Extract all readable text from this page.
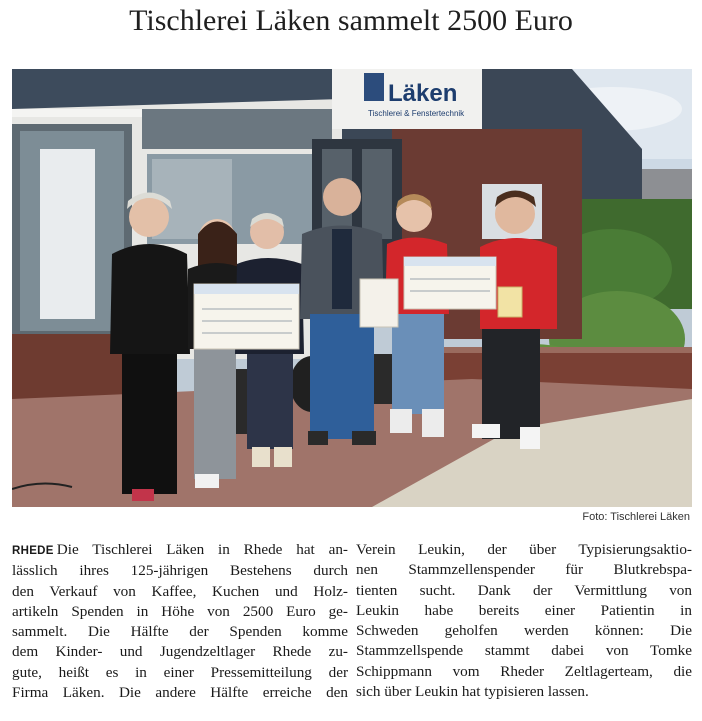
Tischlerei Läken sammelt 2500 Euro
Läken
Tischlerei & Fenstertechnik
Foto: Tischlerei Läken
RHEDE Die Tischlerei Läken in Rhede hat an-
lässlich ihres 125-jährigen Bestehens durch
den Verkauf von Kaffee, Kuchen und Holz-
artikeln Spenden in Höhe von 2500 Euro ge-
sammelt. Die Hälfte der Spenden komme
dem Kinder- und Jugendzeltlager Rhede zu-
gute, heißt es in einer Pressemitteilung der
Firma Läken. Die andere Hälfte erreiche den
Verein Leukin, der über Typisierungsaktio-
nen Stammzellenspender für Blutkrebspa-
tienten sucht. Dank der Vermittlung von
Leukin habe bereits einer Patientin in
Schweden geholfen werden können: Die
Stammzellspende stammt dabei von Tomke
Schippmann vom Rheder Zeltlagerteam, die
sich über Leukin hat typisieren lassen.
